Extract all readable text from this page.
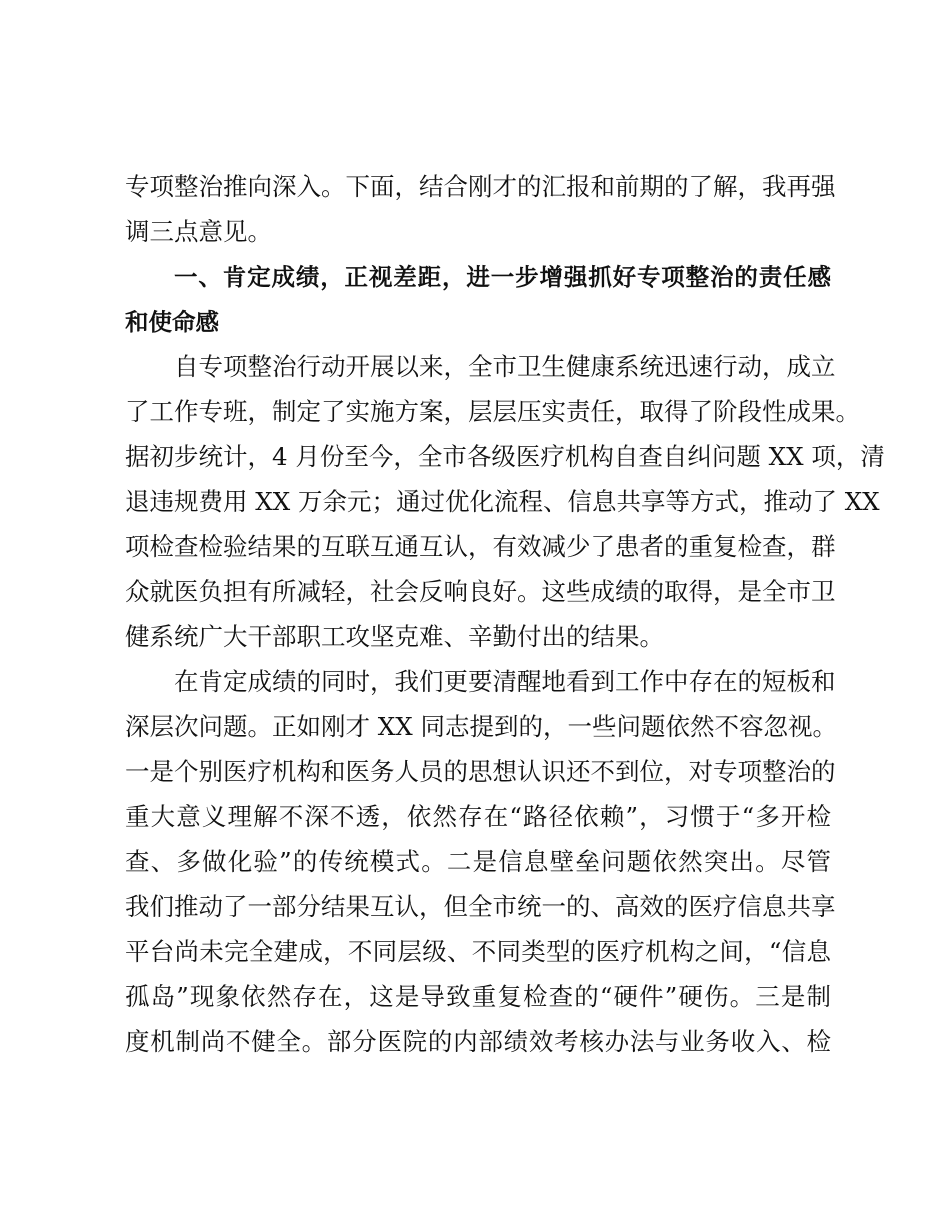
专项整治推向深入。下面，结合刚才的汇报和前期的了解，我再强
调三点意见。
一、肯定成绩，正视差距，进一步增强抓好专项整治的责任感
和使命感
自专项整治行动开展以来，全市卫生健康系统迅速行动，成立
了工作专班，制定了实施方案，层层压实责任，取得了阶段性成果。
据初步统计，4 月份至今，全市各级医疗机构自查自纠问题 XX 项，清
退违规费用 XX 万余元；通过优化流程、信息共享等方式，推动了 XX
项检查检验结果的互联互通互认，有效减少了患者的重复检查，群
众就医负担有所减轻，社会反响良好。这些成绩的取得，是全市卫
健系统广大干部职工攻坚克难、辛勤付出的结果。
在肯定成绩的同时，我们更要清醒地看到工作中存在的短板和
深层次问题。正如刚才 XX 同志提到的，一些问题依然不容忽视。
一是个别医疗机构和医务人员的思想认识还不到位，对专项整治的
重大意义理解不深不透，依然存在“路径依赖”，习惯于“多开检
查、多做化验”的传统模式。二是信息壁垒问题依然突出。尽管
我们推动了一部分结果互认，但全市统一的、高效的医疗信息共享
平台尚未完全建成，不同层级、不同类型的医疗机构之间，“信息
孤岛”现象依然存在，这是导致重复检查的“硬件”硬伤。三是制
度机制尚不健全。部分医院的内部绩效考核办法与业务收入、检
